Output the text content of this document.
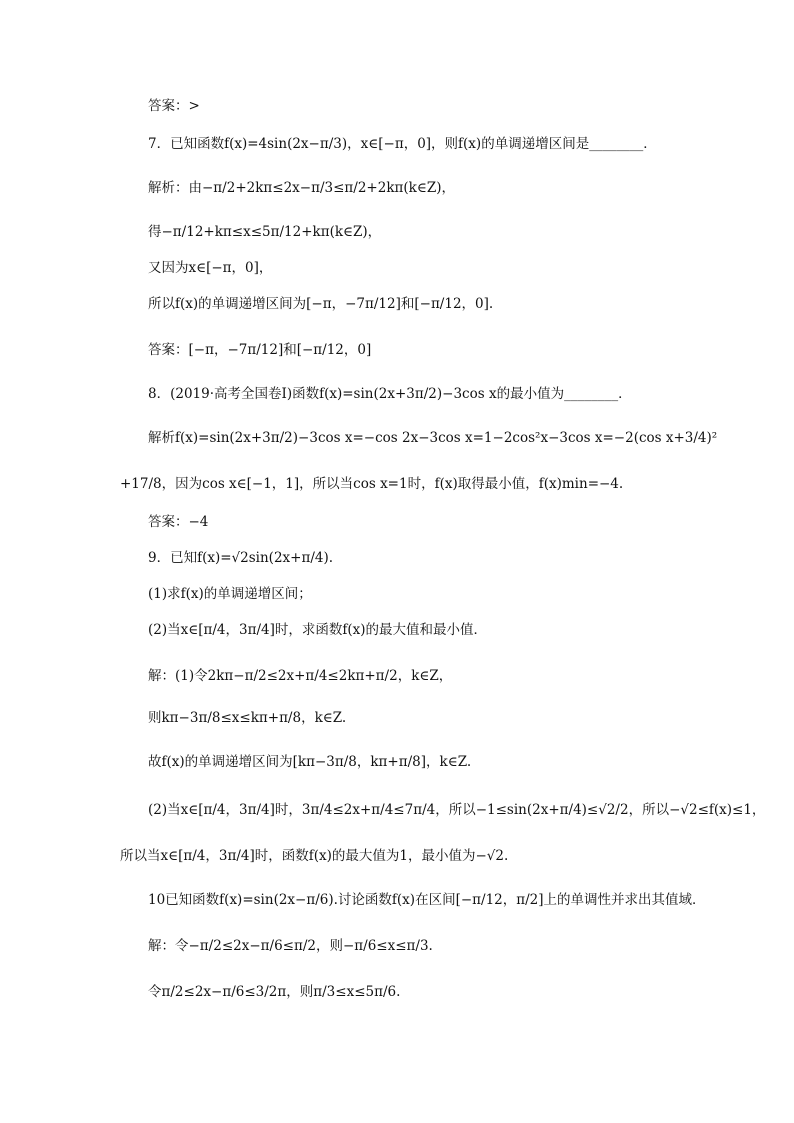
答案：>
7．已知函数f(x)=4sin(2x−π/3)，x∈[−π，0]，则f(x)的单调递增区间是________．
解析：由−π/2+2kπ≤2x−π/3≤π/2+2kπ(k∈Z)，
得−π/12+kπ≤x≤5π/12+kπ(k∈Z)，
又因为x∈[−π，0]，
所以f(x)的单调递增区间为[−π，−7π/12]和[−π/12，0].
答案：[−π，−7π/12]和[−π/12，0]
8．(2019·高考全国卷Ⅰ)函数f(x)=sin(2x+3π/2)−3cos x的最小值为________．
解析f(x)=sin(2x+3π/2)−3cos x=−cos 2x−3cos x=1−2cos²x−3cos x=−2(cos x+3/4)²
+17/8，因为cos x∈[−1，1]，所以当cos x=1时，f(x)取得最小值，f(x)min=−4.
答案：−4
9．已知f(x)=√2sin(2x+π/4).
(1)求f(x)的单调递增区间；
(2)当x∈[π/4，3π/4]时，求函数f(x)的最大值和最小值．
解：(1)令2kπ−π/2≤2x+π/4≤2kπ+π/2，k∈Z，
则kπ−3π/8≤x≤kπ+π/8，k∈Z.
故f(x)的单调递增区间为[kπ−3π/8，kπ+π/8]，k∈Z.
(2)当x∈[π/4，3π/4]时，3π/4≤2x+π/4≤7π/4，所以−1≤sin(2x+π/4)≤√2/2，所以−√2≤f(x)≤1，
所以当x∈[π/4，3π/4]时，函数f(x)的最大值为1，最小值为−√2.
10已知函数f(x)=sin(2x−π/6).讨论函数f(x)在区间[−π/12，π/2]上的单调性并求出其值域．
解：令−π/2≤2x−π/6≤π/2，则−π/6≤x≤π/3.
令π/2≤2x−π/6≤3/2π，则π/3≤x≤5π/6.
